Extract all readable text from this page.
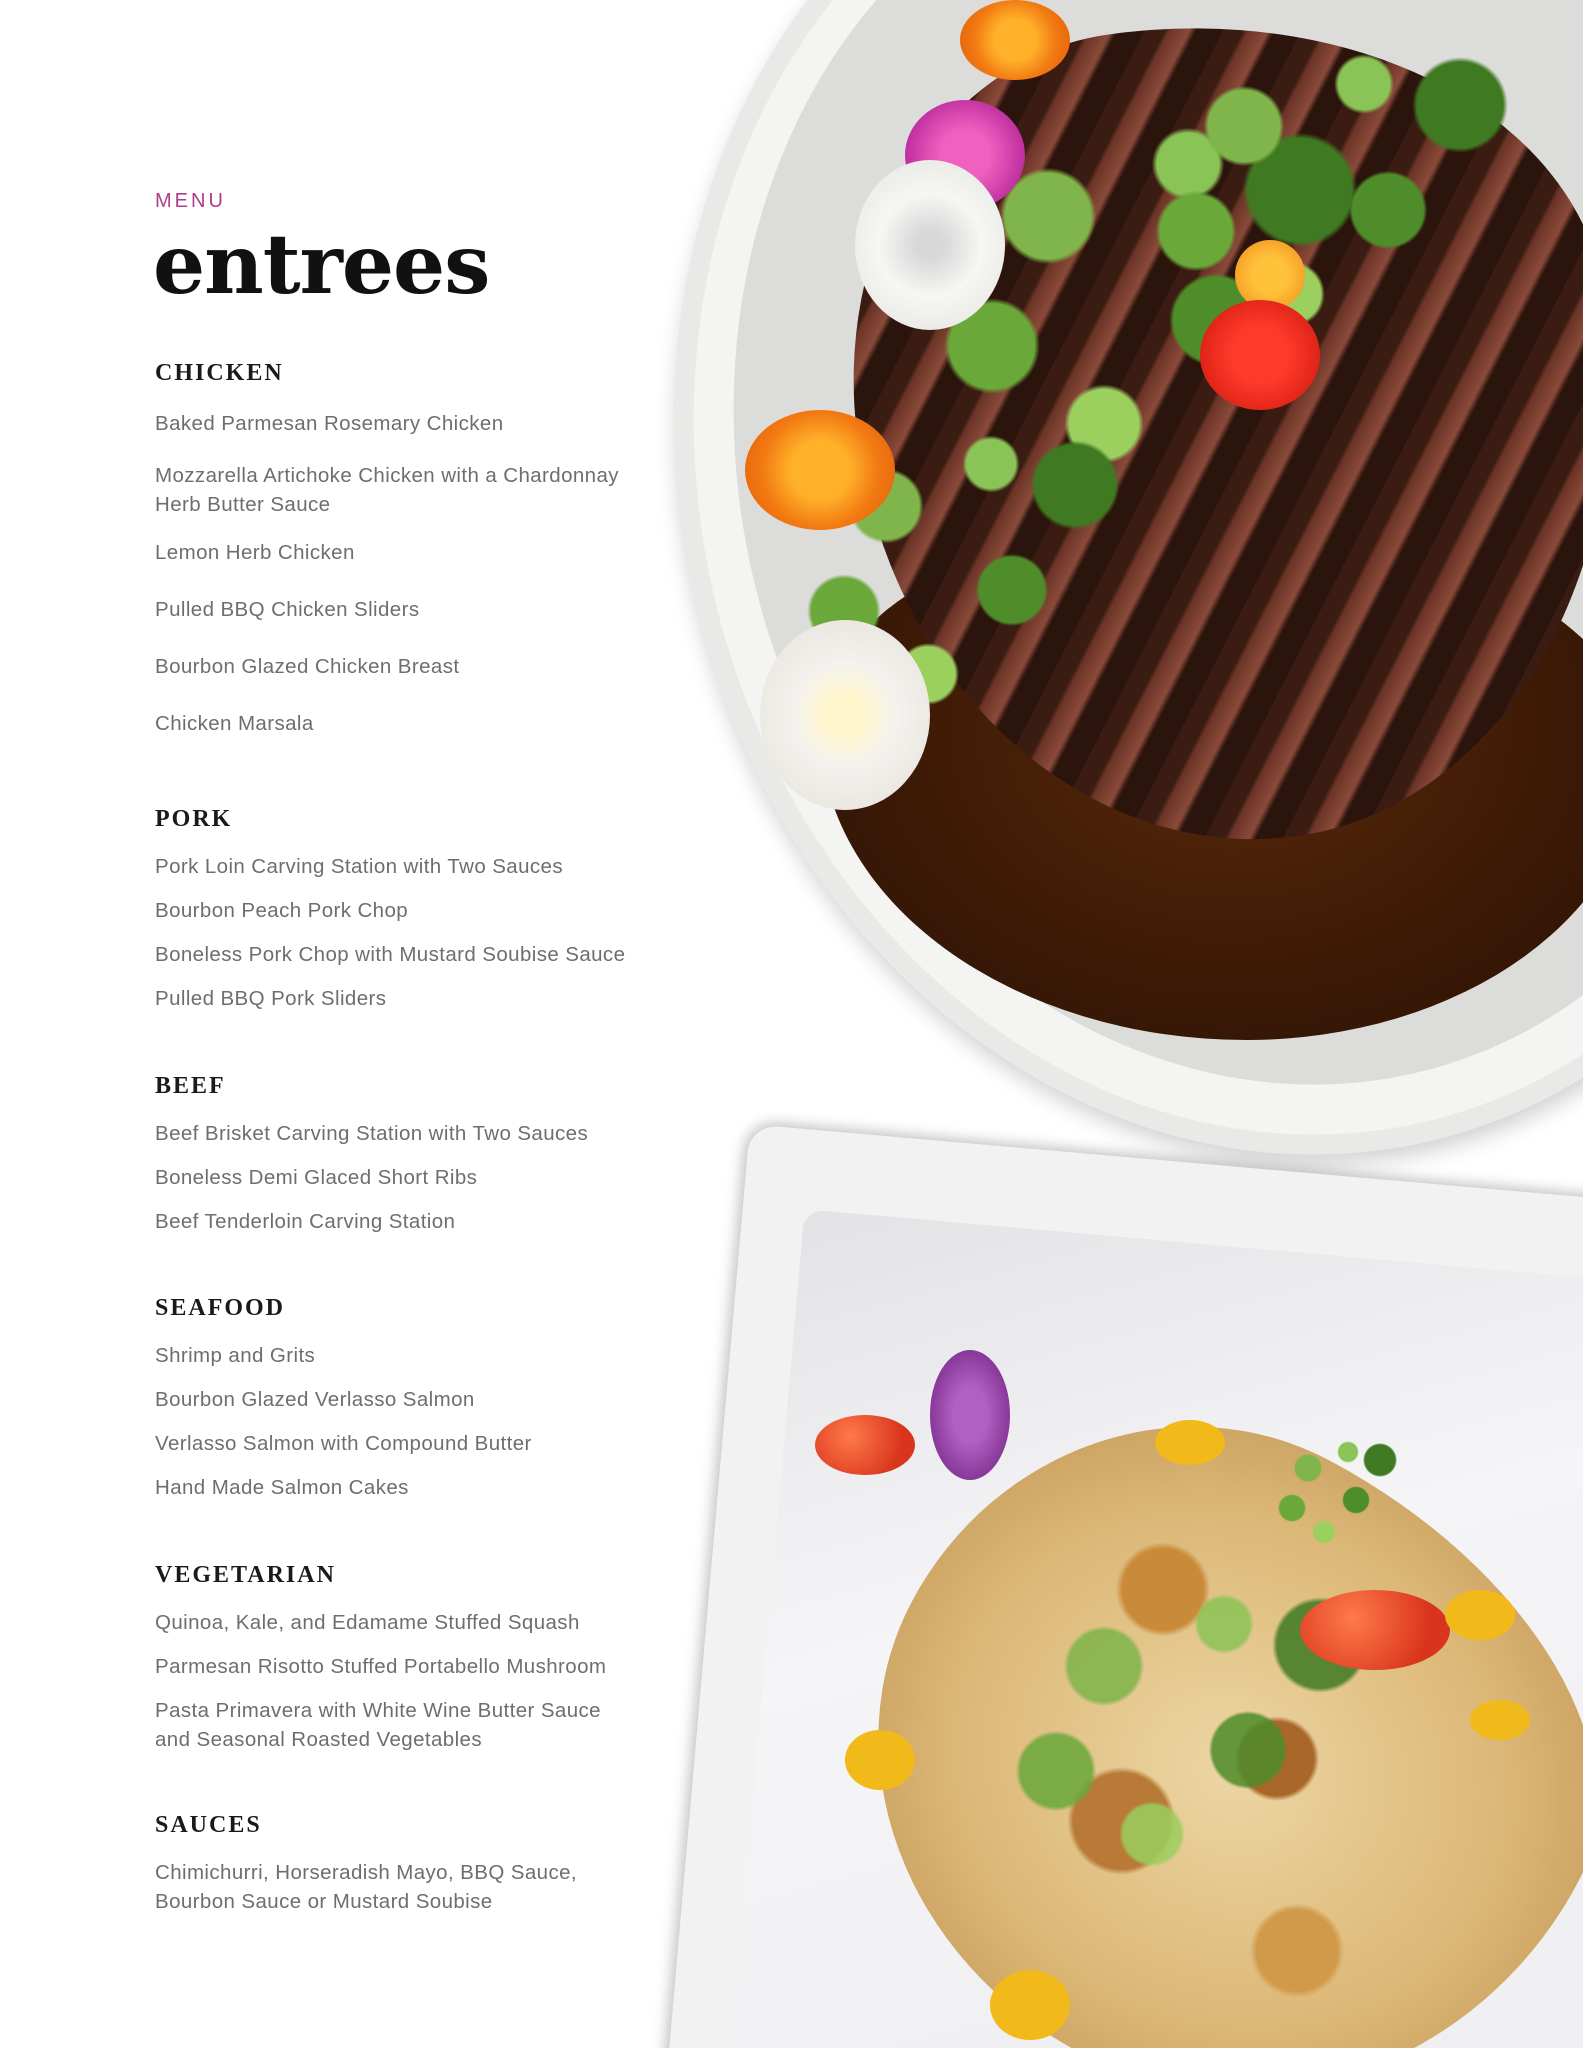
MENU

entrees
CHICKEN

Baked Parmesan Rosemary Chicken

Mozzarella Artichoke Chicken with a Chardonnay Herb Butter Sauce

Lemon Herb Chicken

Pulled BBQ Chicken Sliders

Bourbon Glazed Chicken Breast

Chicken Marsala

PORK

Pork Loin Carving Station with Two Sauces

Bourbon Peach Pork Chop

Boneless Pork Chop with Mustard Soubise Sauce

Pulled BBQ Pork Sliders

BEEF

Beef Brisket Carving Station with Two Sauces

Boneless Demi Glaced Short Ribs

Beef Tenderloin Carving Station

SEAFOOD

Shrimp and Grits

Bourbon Glazed Verlasso Salmon

Verlasso Salmon with Compound Butter

Hand Made Salmon Cakes

VEGETARIAN

Quinoa, Kale, and Edamame Stuffed Squash

Parmesan Risotto Stuffed Portabello Mushroom

Pasta Primavera with White Wine Butter Sauce and Seasonal Roasted Vegetables

SAUCES

Chimichurri, Horseradish Mayo, BBQ Sauce, Bourbon Sauce or Mustard Soubise
